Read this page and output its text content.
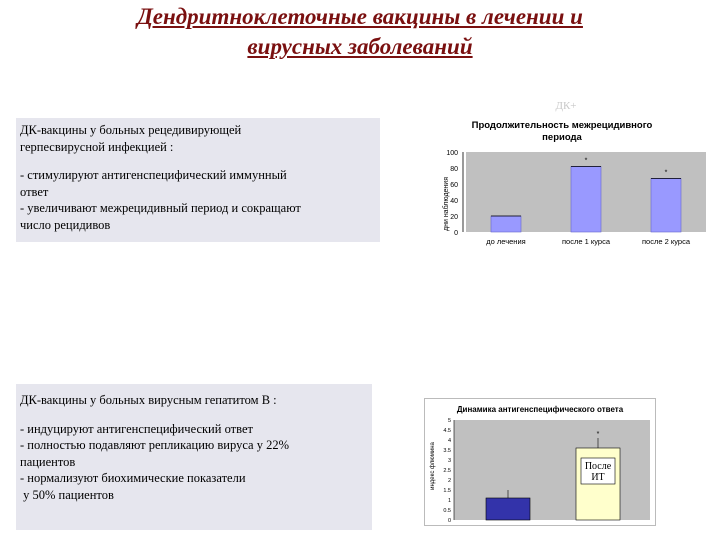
Дендритноклеточные вакцины в лечении и
вирусных заболеваний

ДК-вакцины у больных рецедивирующей
герпесвирусной инфекцией :

- стимулируют антигенспецифический иммунный
ответ
- увеличивают межрецидивный период и сокращают
число рецидивов

ДК-вакцины у больных вирусным гепатитом В :

- индуцируют антигенспецифический ответ
- полностью подавляют репликацию вируса у 22%
пациентов
- нормализуют биохимические показатели
у 50% пациентов

ДК+
Продолжительность межрецидивного
периода
дни наблюдения
*
*
100
80
60
40
20
0
до лечения	после 1 курса	после 2 курса
Динамика антигенспецифического ответа
индекс флюмина
*
После
ИТ
5
4.5
4
3.5
3
2.5
2
1.5
1
0.5
0
